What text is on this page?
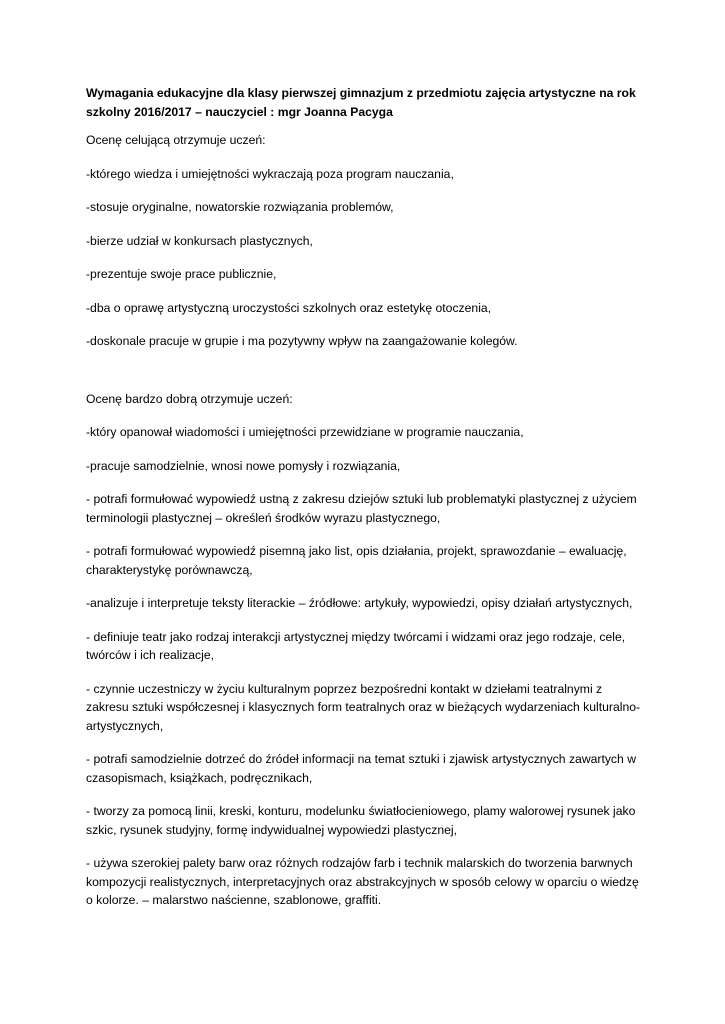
Wymagania edukacyjne dla klasy pierwszej gimnazjum z przedmiotu zajęcia artystyczne na rok szkolny 2016/2017 – nauczyciel : mgr Joanna Pacyga

Ocenę celującą otrzymuje uczeń:

-którego wiedza i umiejętności wykraczają poza program nauczania,

-stosuje oryginalne, nowatorskie rozwiązania problemów,

-bierze udział w konkursach plastycznych,

-prezentuje swoje prace publicznie,

-dba o oprawę artystyczną uroczystości szkolnych oraz estetykę otoczenia,

-doskonale pracuje w grupie i ma pozytywny wpływ na zaangażowanie kolegów.

Ocenę bardzo dobrą otrzymuje uczeń:

-który opanował wiadomości i umiejętności przewidziane w programie nauczania,

-pracuje samodzielnie, wnosi nowe pomysły i rozwiązania,

- potrafi formułować wypowiedź ustną z zakresu dziejów sztuki lub problematyki plastycznej z użyciem terminologii plastycznej – określeń środków wyrazu plastycznego,

- potrafi formułować wypowiedź pisemną jako list, opis działania, projekt, sprawozdanie – ewaluację, charakterystykę porównawczą,

-analizuje i interpretuje teksty literackie – źródłowe: artykuły, wypowiedzi, opisy działań artystycznych,

- definiuje teatr jako rodzaj interakcji artystycznej między twórcami i widzami oraz jego rodzaje, cele, twórców i ich realizacje,

- czynnie uczestniczy w życiu kulturalnym poprzez bezpośredni kontakt w dziełami teatralnymi z zakresu sztuki współczesnej i klasycznych form teatralnych oraz w bieżących wydarzeniach kulturalno-artystycznych,

- potrafi samodzielnie dotrzeć do źródeł informacji na temat sztuki i zjawisk artystycznych zawartych w czasopismach, książkach, podręcznikach,

- tworzy za pomocą linii, kreski, konturu, modelunku światłocieniowego, plamy walorowej rysunek jako szkic, rysunek studyjny, formę indywidualnej wypowiedzi plastycznej,

- używa szerokiej palety barw oraz różnych rodzajów farb i technik malarskich do tworzenia barwnych kompozycji realistycznych, interpretacyjnych oraz abstrakcyjnych w sposób celowy w oparciu o wiedzę o kolorze. – malarstwo naścienne, szablonowe, graffiti.
